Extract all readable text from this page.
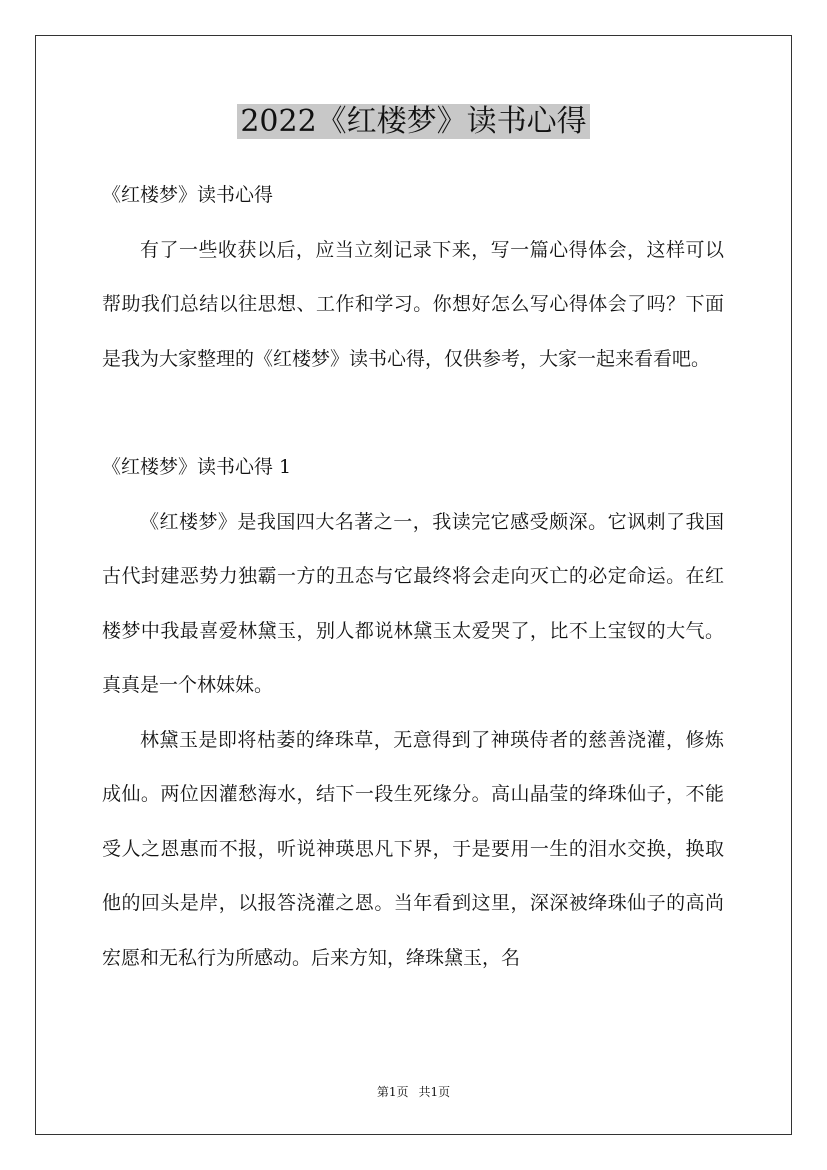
2022《红楼梦》读书心得

《红楼梦》读书心得

有了一些收获以后，应当立刻记录下来，写一篇心得体会，这样可以帮助我们总结以往思想、工作和学习。你想好怎么写心得体会了吗？下面是我为大家整理的《红楼梦》读书心得，仅供参考，大家一起来看看吧。

《红楼梦》读书心得 1

《红楼梦》是我国四大名著之一，我读完它感受颇深。它讽刺了我国古代封建恶势力独霸一方的丑态与它最终将会走向灭亡的必定命运。在红楼梦中我最喜爱林黛玉，别人都说林黛玉太爱哭了，比不上宝钗的大气。真真是一个林妹妹。

林黛玉是即将枯萎的绛珠草，无意得到了神瑛侍者的慈善浇灌，修炼成仙。两位因灌愁海水，结下一段生死缘分。高山晶莹的绛珠仙子，不能受人之恩惠而不报，听说神瑛思凡下界，于是要用一生的泪水交换，换取他的回头是岸，以报答浇灌之恩。当年看到这里，深深被绛珠仙子的高尚宏愿和无私行为所感动。后来方知，绛珠黛玉，名

第1页 共1页
